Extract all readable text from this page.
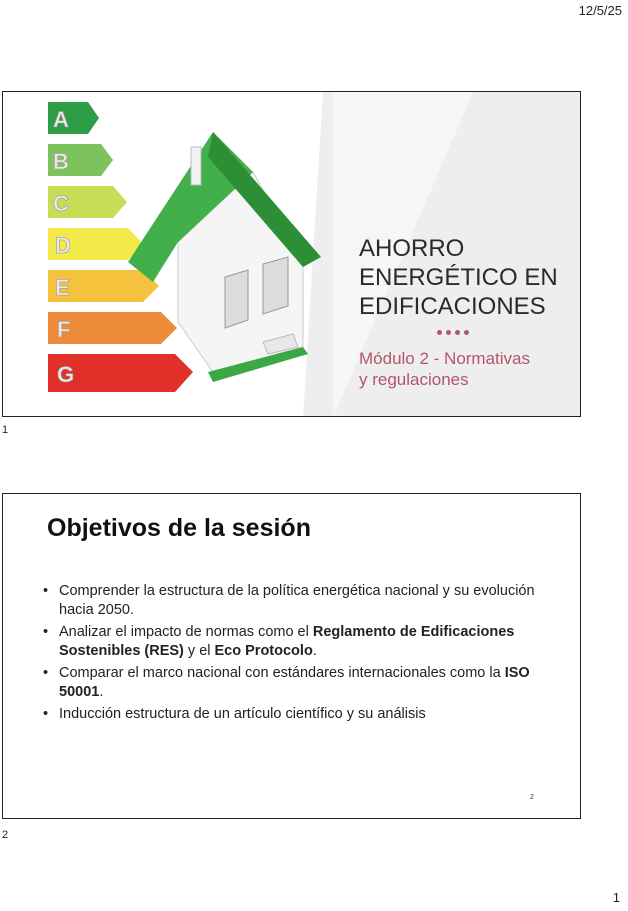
12/5/25
A
B
C
D
E
F
G
AHORRO
ENERGÉTICO EN
EDIFICACIONES
Módulo 2 - Normativas
y regulaciones
1
Objetivos de la sesión
• Comprender la estructura de la política energética nacional y su evolución hacia 2050.
• Analizar el impacto de normas como el Reglamento de Edificaciones Sostenibles (RES) y el Eco Protocolo.
• Comparar el marco nacional con estándares internacionales como la ISO 50001.
• Inducción estructura de un artículo científico y su análisis
2
2
1
